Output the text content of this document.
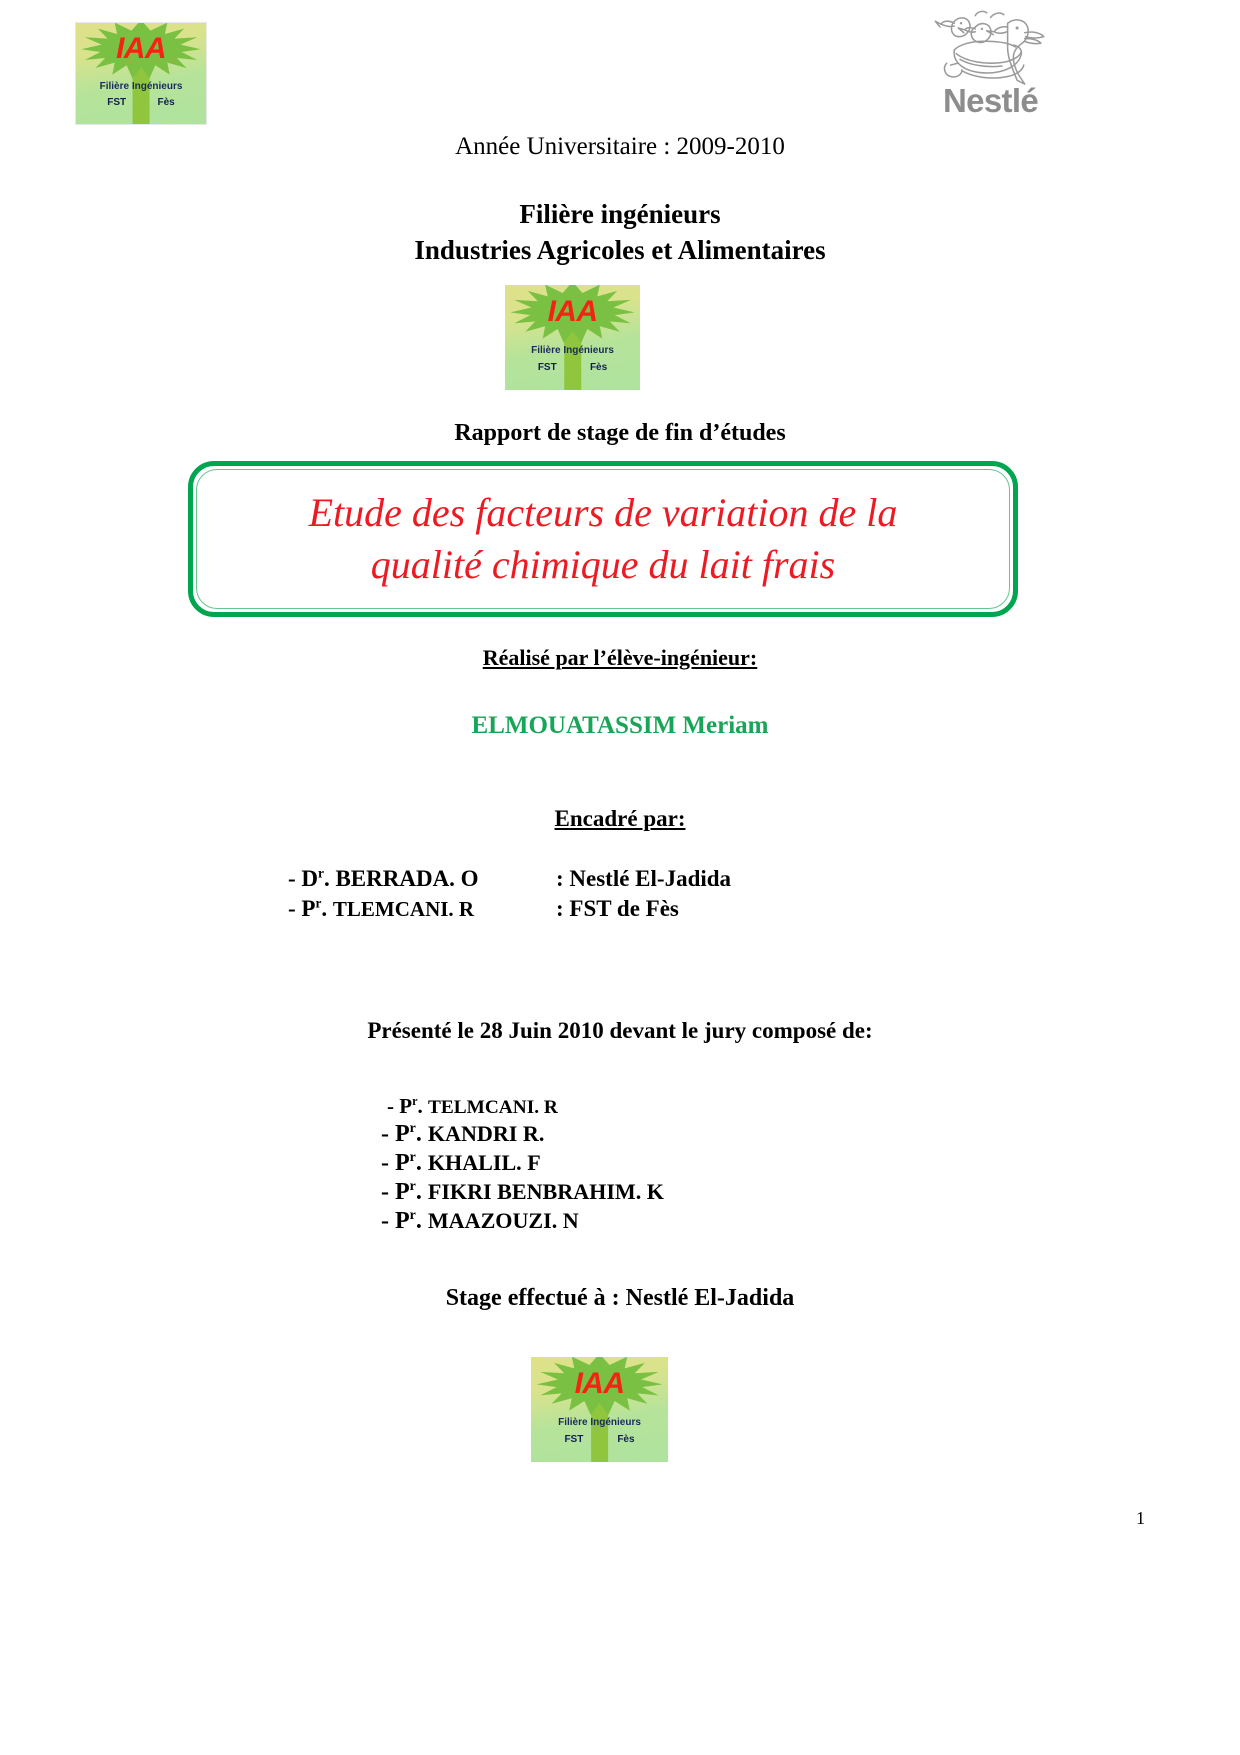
IAA
Filière Ingénieurs
FST	Fès	Nestlé
Année Universitaire : 2009-2010
Filière ingénieurs
Industries Agricoles et Alimentaires
IAA
Filière Ingénieurs
FST	Fès
Rapport de stage de fin d’études
Etude des facteurs de variation de la
qualité chimique du lait frais
Réalisé par l’élève-ingénieur:
ELMOUATASSIM Meriam
Encadré par:
- $D^r$. BERRADA. O	: Nestlé El-Jadida
- $P^r$. TLEMCANI. R	: FST de Fès
Présenté le 28 Juin 2010 devant le jury composé de:
- $P^r$. TELMCANI. R
- $P^r$. KANDRI R.
- $P^r$. KHALIL. F
- $P^r$. FIKRI BENBRAHIM. K
- $P^r$. MAAZOUZI. N
Stage effectué à : Nestlé El-Jadida
IAA
Filière Ingénieurs
FST	Fès
1
